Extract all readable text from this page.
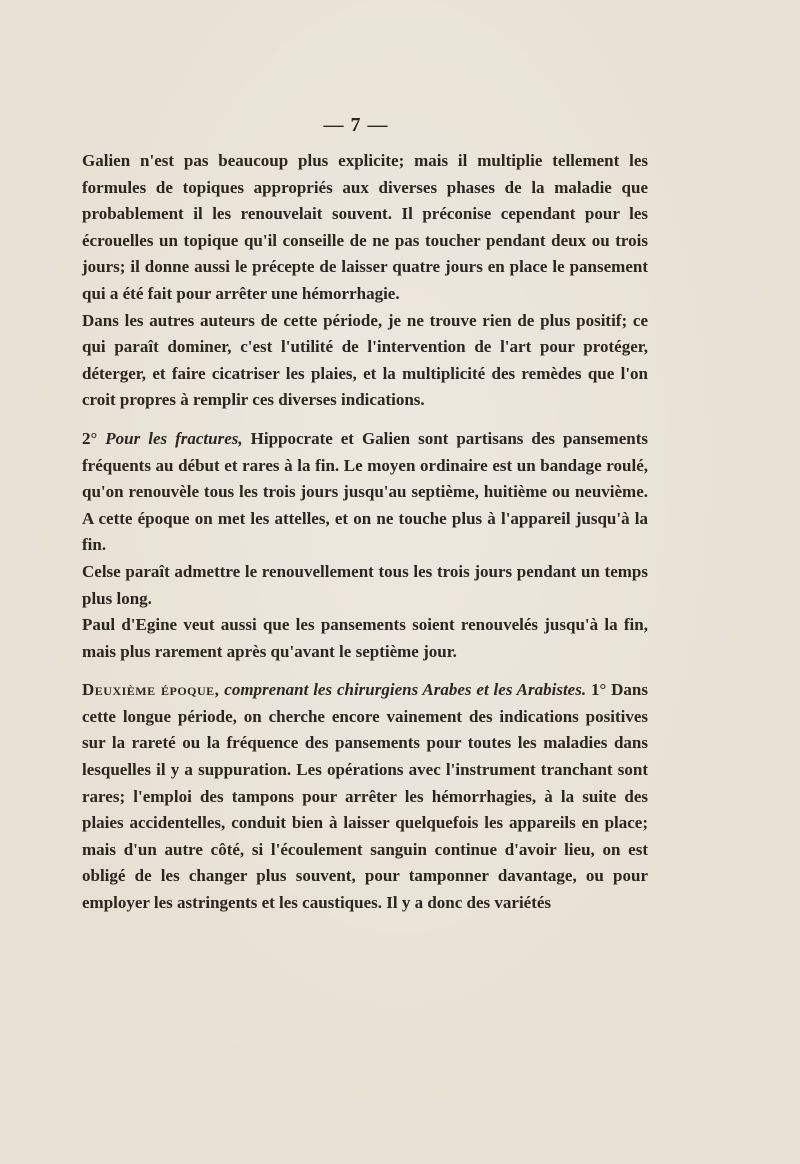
— 7 —

Galien n'est pas beaucoup plus explicite; mais il multiplie tellement les formules de topiques appropriés aux diverses phases de la maladie que probablement il les renouvelait souvent. Il préconise cependant pour les écrouelles un topique qu'il conseille de ne pas toucher pendant deux ou trois jours; il donne aussi le précepte de laisser quatre jours en place le pansement qui a été fait pour arrêter une hémorrhagie.

Dans les autres auteurs de cette période, je ne trouve rien de plus positif; ce qui paraît dominer, c'est l'utilité de l'intervention de l'art pour protéger, déterger, et faire cicatriser les plaies, et la multiplicité des remèdes que l'on croit propres à remplir ces diverses indications.

2° Pour les fractures, Hippocrate et Galien sont partisans des pansements fréquents au début et rares à la fin. Le moyen ordinaire est un bandage roulé, qu'on renouvèle tous les trois jours jusqu'au septième, huitième ou neuvième. A cette époque on met les attelles, et on ne touche plus à l'appareil jusqu'à la fin.

Celse paraît admettre le renouvellement tous les trois jours pendant un temps plus long.

Paul d'Egine veut aussi que les pansements soient renouvelés jusqu'à la fin, mais plus rarement après qu'avant le septième jour.

Deuxième époque, comprenant les chirurgiens Arabes et les Arabistes. 1° Dans cette longue période, on cherche encore vainement des indications positives sur la rareté ou la fréquence des pansements pour toutes les maladies dans lesquelles il y a suppuration. Les opérations avec l'instrument tranchant sont rares; l'emploi des tampons pour arrêter les hémorrhagies, à la suite des plaies accidentelles, conduit bien à laisser quelquefois les appareils en place; mais d'un autre côté, si l'écoulement sanguin continue d'avoir lieu, on est obligé de les changer plus souvent, pour tamponner davantage, ou pour employer les astringents et les caustiques. Il y a donc des variétés
